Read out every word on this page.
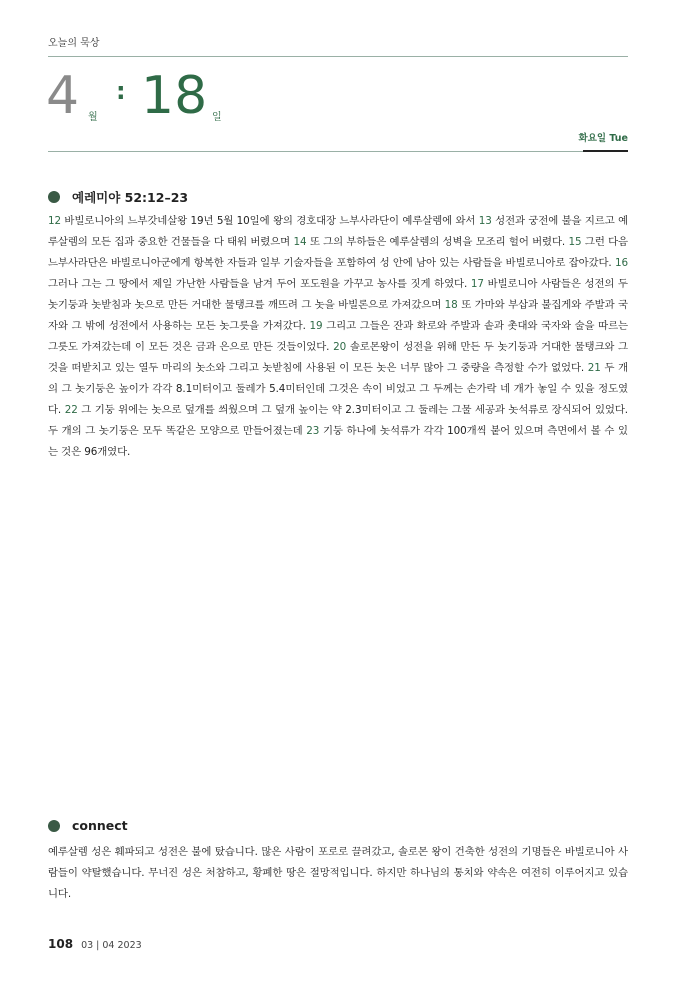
오늘의 묵상
4 월
: 18 일
화요일 Tue
예레미야 52:12–23
12 바빌로니아의 느부갓네살왕 19년 5월 10일에 왕의 경호대장 느부사라단이 예루살렘에 와서 13 성전과 궁전에 불을 지르고 예루살렘의 모든 집과 중요한 건물들을 다 태워 버렸으며 14 또 그의 부하들은 예루살렘의 성벽을 모조리 헐어 버렸다. 15 그런 다음 느부사라단은 바빌로니아군에게 항복한 자들과 일부 기술자들을 포함하여 성 안에 남아 있는 사람들을 바빌로니아로 잡아갔다. 16 그러나 그는 그 땅에서 제일 가난한 사람들을 남겨 두어 포도원을 가꾸고 농사를 짓게 하였다. 17 바빌로니아 사람들은 성전의 두 놋기둥과 놋받침과 놋으로 만든 거대한 물탱크를 깨뜨려 그 놋을 바빌론으로 가져갔으며 18 또 가마와 부삽과 불집게와 주발과 국자와 그 밖에 성전에서 사용하는 모든 놋그릇을 가져갔다. 19 그리고 그들은 잔과 화로와 주발과 솥과 촛대와 국자와 술을 따르는 그릇도 가져갔는데 이 모든 것은 금과 은으로 만든 것들이었다. 20 솔로몬왕이 성전을 위해 만든 두 놋기둥과 거대한 물탱크와 그것을 떠받치고 있는 열두 마리의 놋소와 그리고 놋받침에 사용된 이 모든 놋은 너무 많아 그 중량을 측정할 수가 없었다. 21 두 개의 그 놋기둥은 높이가 각각 8.1미터이고 둘레가 5.4미터인데 그것은 속이 비었고 그 두께는 손가락 네 개가 놓일 수 있을 정도였다. 22 그 기둥 위에는 놋으로 덮개를 씌웠으며 그 덮개 높이는 약 2.3미터이고 그 둘레는 그물 세공과 놋석류로 장식되어 있었다. 두 개의 그 놋기둥은 모두 똑같은 모양으로 만들어졌는데 23 기둥 하나에 놋석류가 각각 100개씩 붙어 있으며 측면에서 볼 수 있는 것은 96개였다.
connect
예루살렘 성은 훼파되고 성전은 불에 탔습니다. 많은 사람이 포로로 끌려갔고, 솔로몬 왕이 건축한 성전의 기명들은 바빌로니아 사람들이 약탈했습니다. 무너진 성은 처참하고, 황폐한 땅은 절망적입니다. 하지만 하나님의 통치와 약속은 여전히 이루어지고 있습니다.
108 03 | 04 2023
